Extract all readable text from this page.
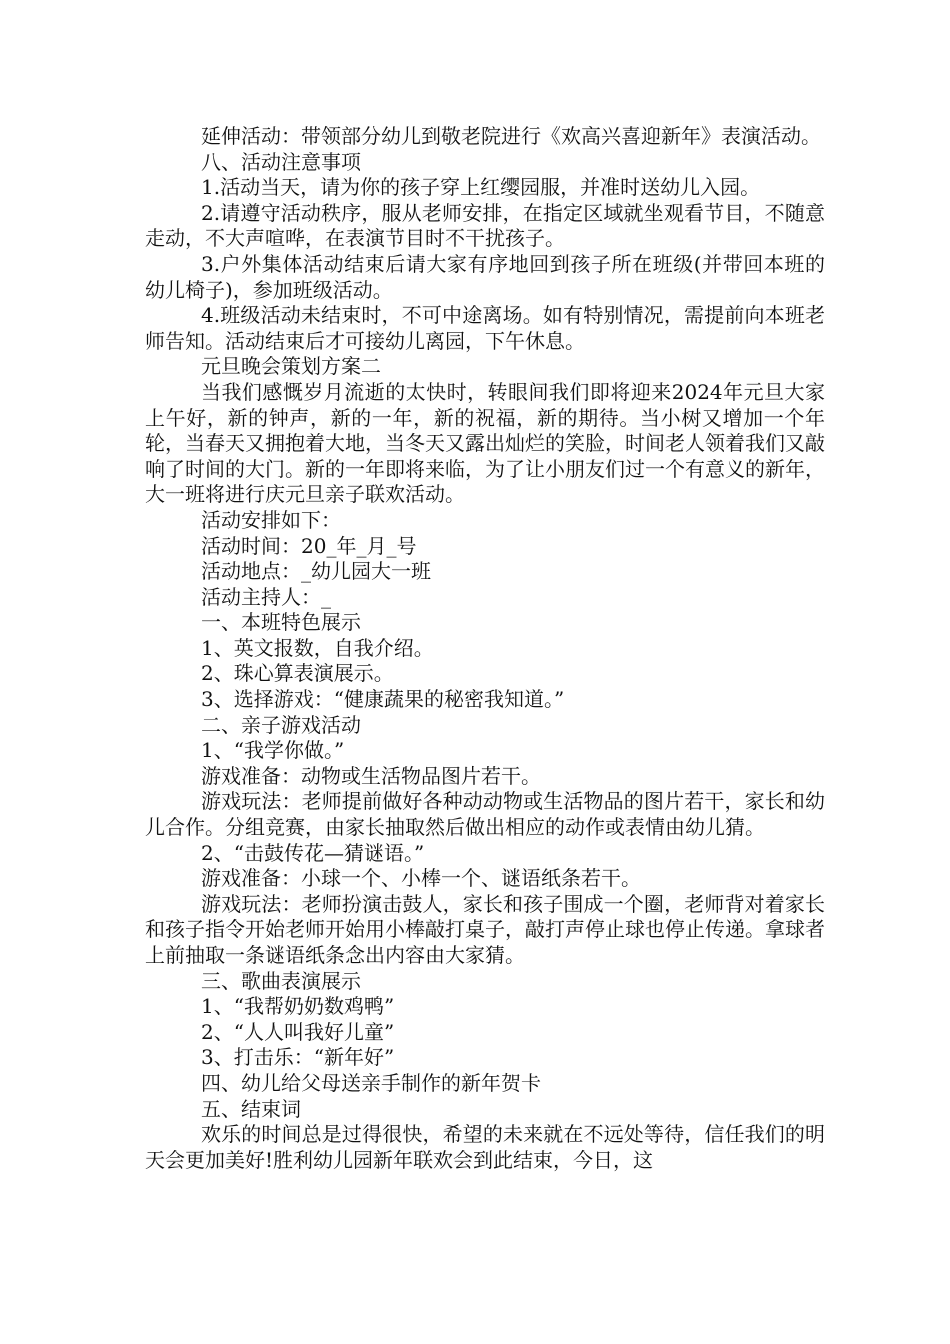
延伸活动：带领部分幼儿到敬老院进行《欢高兴喜迎新年》表演活动。

八、活动注意事项

1.活动当天，请为你的孩子穿上红缨园服，并准时送幼儿入园。

2.请遵守活动秩序，服从老师安排，在指定区域就坐观看节目，不随意走动，不大声喧哗，在表演节目时不干扰孩子。

3.户外集体活动结束后请大家有序地回到孩子所在班级(并带回本班的幼儿椅子)，参加班级活动。

4.班级活动未结束时，不可中途离场。如有特别情况，需提前向本班老师告知。活动结束后才可接幼儿离园，下午休息。

元旦晚会策划方案二

当我们感慨岁月流逝的太快时，转眼间我们即将迎来2024年元旦大家上午好，新的钟声，新的一年，新的祝福，新的期待。当小树又增加一个年轮，当春天又拥抱着大地，当冬天又露出灿烂的笑脸，时间老人领着我们又敲响了时间的大门。新的一年即将来临，为了让小朋友们过一个有意义的新年，大一班将进行庆元旦亲子联欢活动。

活动安排如下：

活动时间：20_年_月_号

活动地点：_幼儿园大一班

活动主持人：_

一、本班特色展示

1、英文报数，自我介绍。

2、珠心算表演展示。

3、选择游戏：“健康蔬果的秘密我知道。”

二、亲子游戏活动

1、“我学你做。”

游戏准备：动物或生活物品图片若干。

游戏玩法：老师提前做好各种动动物或生活物品的图片若干，家长和幼儿合作。分组竞赛，由家长抽取然后做出相应的动作或表情由幼儿猜。

2、“击鼓传花—猜谜语。”

游戏准备：小球一个、小棒一个、谜语纸条若干。

游戏玩法：老师扮演击鼓人，家长和孩子围成一个圈，老师背对着家长和孩子指令开始老师开始用小棒敲打桌子，敲打声停止球也停止传递。拿球者上前抽取一条谜语纸条念出内容由大家猜。

三、歌曲表演展示

1、“我帮奶奶数鸡鸭”

2、“人人叫我好儿童”

3、打击乐：“新年好”

四、幼儿给父母送亲手制作的新年贺卡

五、结束词

欢乐的时间总是过得很快，希望的未来就在不远处等待，信任我们的明天会更加美好!胜利幼儿园新年联欢会到此结束，今日，这
